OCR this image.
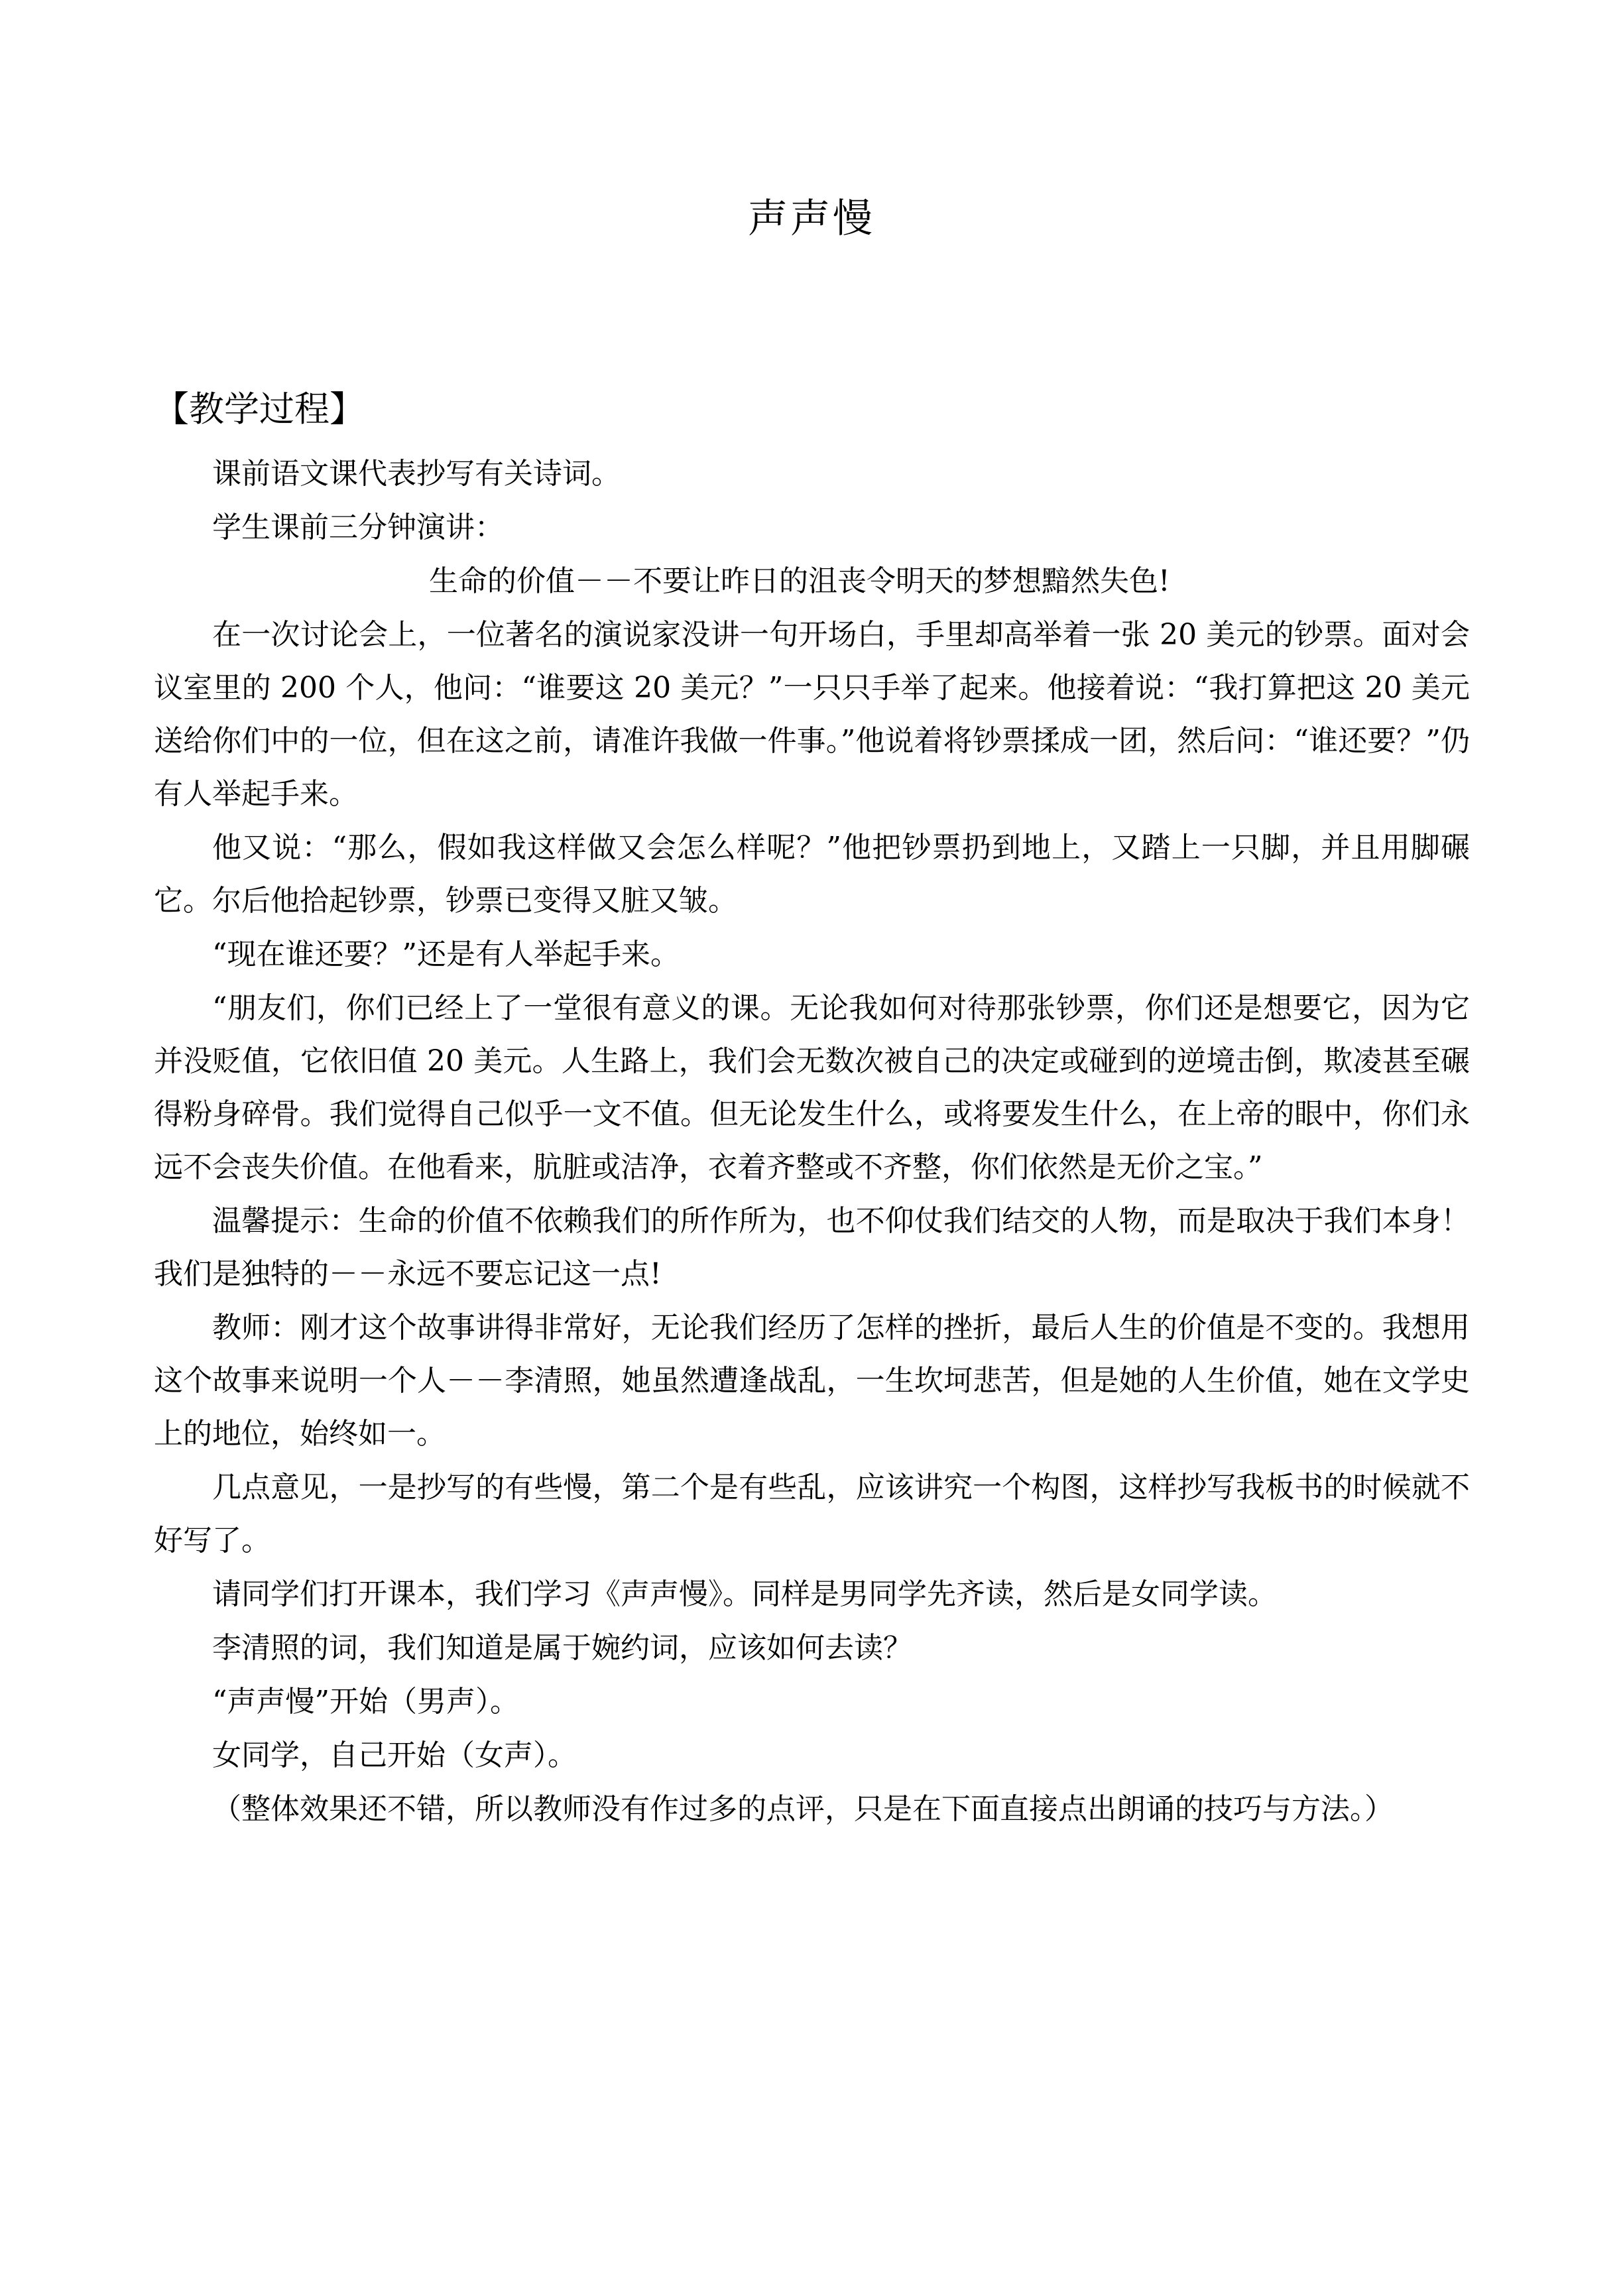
声声慢
【教学过程】

课前语文课代表抄写有关诗词。

学生课前三分钟演讲：

生命的价值－－不要让昨日的沮丧令明天的梦想黯然失色!

在一次讨论会上，一位著名的演说家没讲一句开场白，手里却高举着一张 20 美元的钞票。面对会议室里的 200 个人，他问：“谁要这 20 美元？”一只只手举了起来。他接着说：“我打算把这 20 美元送给你们中的一位，但在这之前，请准许我做一件事。”他说着将钞票揉成一团，然后问：“谁还要？”仍有人举起手来。

他又说：“那么，假如我这样做又会怎么样呢？”他把钞票扔到地上，又踏上一只脚，并且用脚碾它。尔后他拾起钞票，钞票已变得又脏又皱。

“现在谁还要？”还是有人举起手来。

“朋友们，你们已经上了一堂很有意义的课。无论我如何对待那张钞票，你们还是想要它，因为它并没贬值，它依旧值 20 美元。人生路上，我们会无数次被自己的决定或碰到的逆境击倒，欺凌甚至碾得粉身碎骨。我们觉得自己似乎一文不值。但无论发生什么，或将要发生什么，在上帝的眼中，你们永远不会丧失价值。在他看来，肮脏或洁净，衣着齐整或不齐整，你们依然是无价之宝。”

温馨提示：生命的价值不依赖我们的所作所为，也不仰仗我们结交的人物，而是取决于我们本身！我们是独特的－－永远不要忘记这一点!

教师：刚才这个故事讲得非常好，无论我们经历了怎样的挫折，最后人生的价值是不变的。我想用这个故事来说明一个人－－李清照，她虽然遭逢战乱，一生坎坷悲苦，但是她的人生价值，她在文学史上的地位，始终如一。

几点意见，一是抄写的有些慢，第二个是有些乱，应该讲究一个构图，这样抄写我板书的时候就不好写了。

请同学们打开课本，我们学习《声声慢》。同样是男同学先齐读，然后是女同学读。

李清照的词，我们知道是属于婉约词，应该如何去读？

“声声慢”开始（男声）。

女同学，自己开始（女声）。

（整体效果还不错，所以教师没有作过多的点评，只是在下面直接点出朗诵的技巧与方法。）
